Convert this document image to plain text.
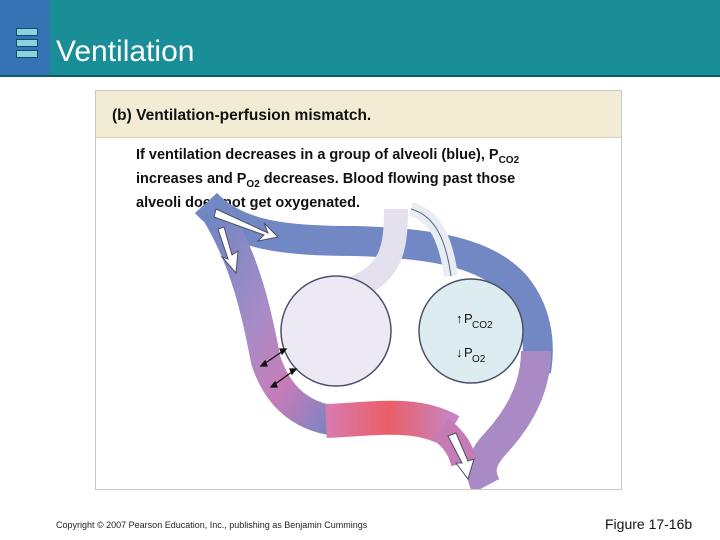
Ventilation
(b) Ventilation-perfusion mismatch.
If ventilation decreases in a group of alveoli (blue), $P_{CO2}$
increases and $P_{O2}$ decreases. Blood flowing past those
alveoli does not get oxygenated.
↑ P CO2
↓ P O2
Copyright © 2007 Pearson Education, Inc., publishing as Benjamin Cummings	Figure 17-16b
